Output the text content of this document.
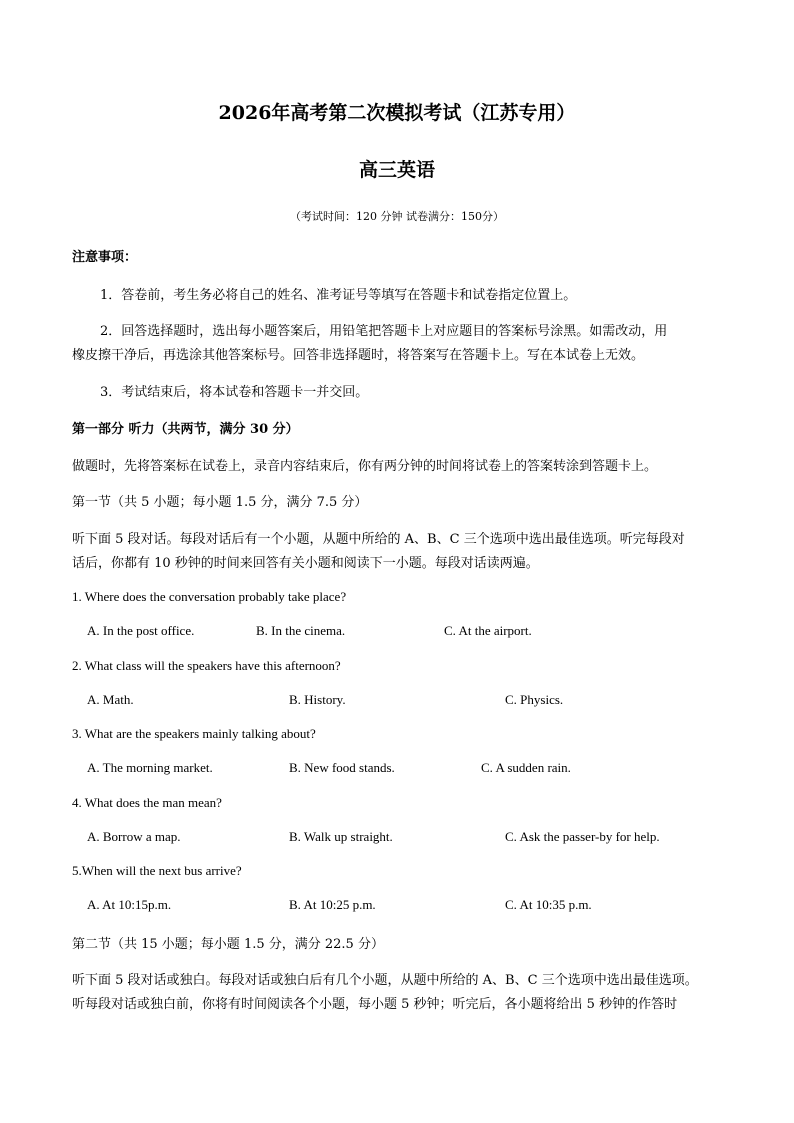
2026年高考第二次模拟考试（江苏专用）
高三英语
（考试时间：120 分钟 试卷满分：150分）
注意事项：
1．答卷前，考生务必将自己的姓名、准考证号等填写在答题卡和试卷指定位置上。
2．回答选择题时，选出每小题答案后，用铅笔把答题卡上对应题目的答案标号涂黑。如需改动，用
橡皮擦干净后，再选涂其他答案标号。回答非选择题时，将答案写在答题卡上。写在本试卷上无效。
3．考试结束后，将本试卷和答题卡一并交回。
第一部分 听力（共两节，满分 30 分）
做题时，先将答案标在试卷上，录音内容结束后，你有两分钟的时间将试卷上的答案转涂到答题卡上。
第一节（共 5 小题；每小题 1.5 分，满分 7.5 分）
听下面 5 段对话。每段对话后有一个小题，从题中所给的 A、B、C 三个选项中选出最佳选项。听完每段对
话后，你都有 10 秒钟的时间来回答有关小题和阅读下一小题。每段对话读两遍。
1. Where does the conversation probably take place?
A. In the post office.	B. In the cinema.	C. At the airport.
2. What class will the speakers have this afternoon?
A. Math.	B. History.	C. Physics.
3. What are the speakers mainly talking about?
A. The morning market.	B. New food stands.	C. A sudden rain.
4. What does the man mean?
A. Borrow a map.	B. Walk up straight.	C. Ask the passer-by for help.
5.When will the next bus arrive?
A. At 10:15p.m.	B. At 10:25 p.m.	C. At 10:35 p.m.
第二节（共 15 小题；每小题 1.5 分，满分 22.5 分）
听下面 5 段对话或独白。每段对话或独白后有几个小题，从题中所给的 A、B、C 三个选项中选出最佳选项。
听每段对话或独白前，你将有时间阅读各个小题，每小题 5 秒钟；听完后，各小题将给出 5 秒钟的作答时
